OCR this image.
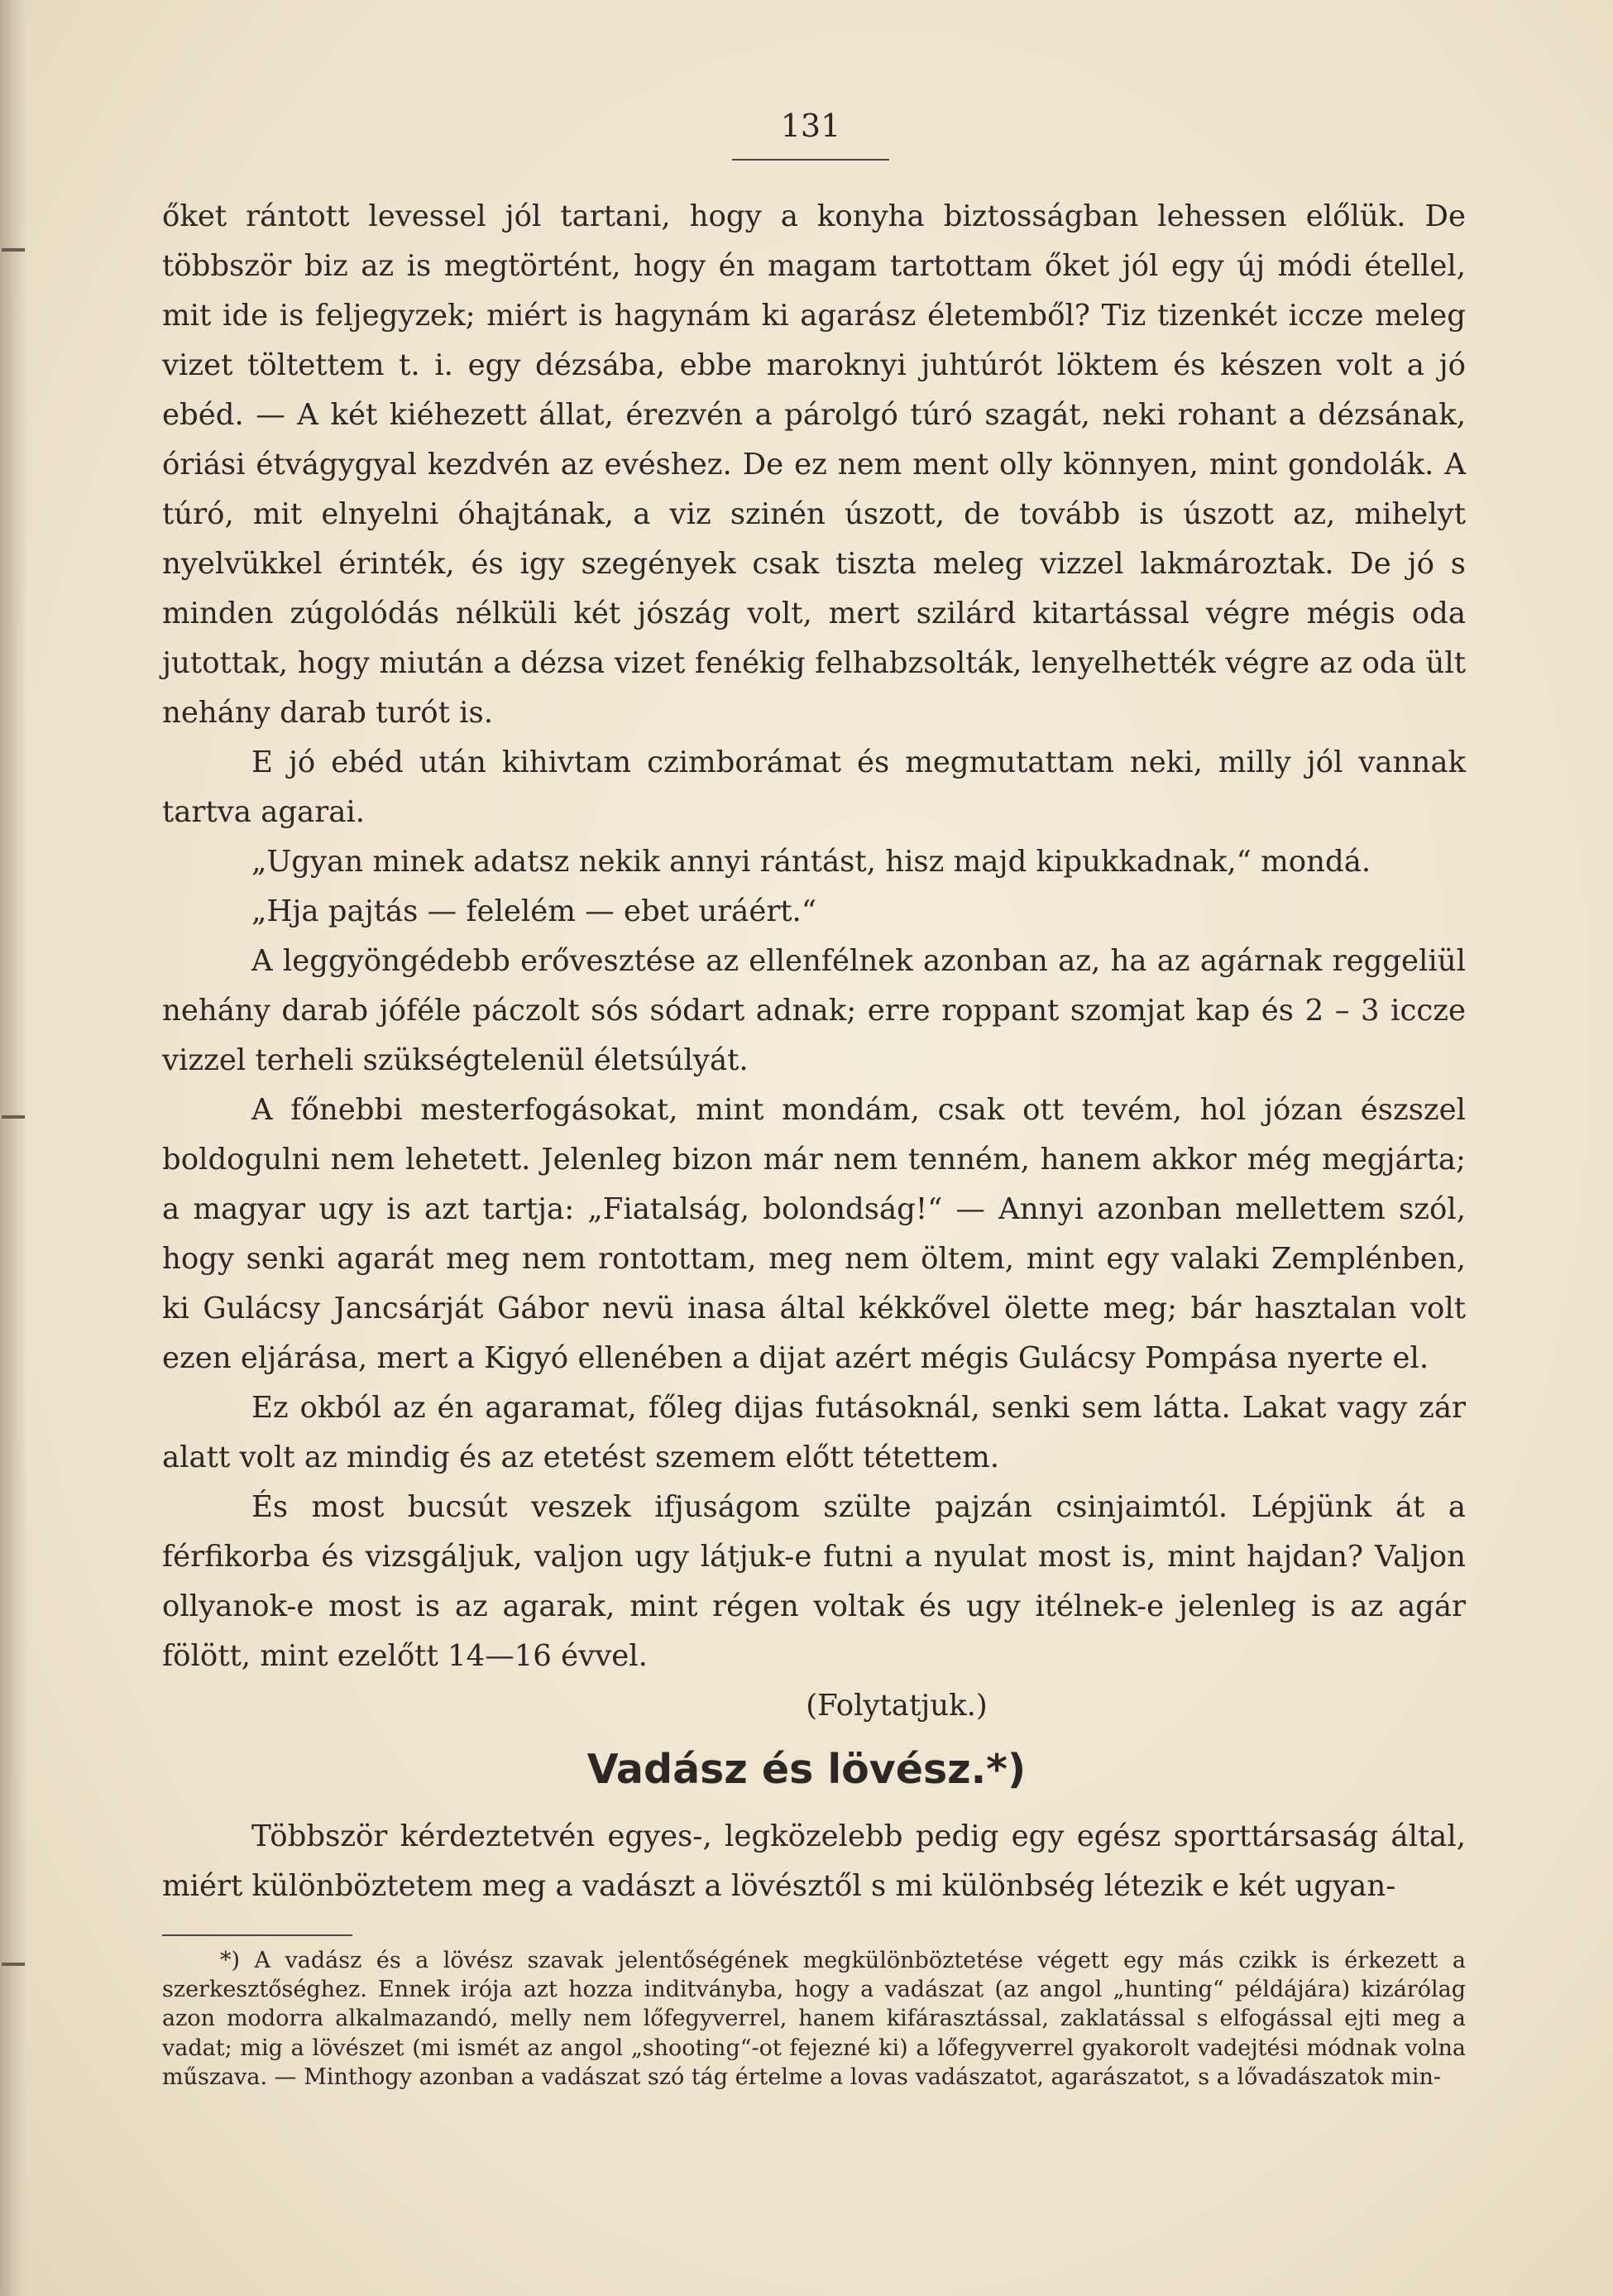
131

őket rántott levessel jól tartani, hogy a konyha biztosságban lehessen előlük. De többször biz az is megtörtént, hogy én magam tartottam őket jól egy új módi étellel, mit ide is feljegyzek; miért is hagynám ki agarász életemből? Tiz tizenkét iccze meleg vizet töltettem t. i. egy dézsába, ebbe maroknyi juhtúrót löktem és készen volt a jó ebéd. — A két kiéhezett állat, érezvén a párolgó túró szagát, neki rohant a dézsának, óriási étvágygyal kezdvén az evéshez. De ez nem ment olly könnyen, mint gondolák. A túró, mit elnyelni óhajtának, a viz szinén úszott, de tovább is úszott az, mihelyt nyelvükkel érinték, és igy szegények csak tiszta meleg vizzel lakmároztak. De jó s minden zúgolódás nélküli két jószág volt, mert szilárd kitartással végre mégis oda jutottak, hogy miután a dézsa vizet fenékig felhabzsolták, lenyelhették végre az oda ült nehány darab turót is.

E jó ebéd után kihivtam czimborámat és megmutattam neki, milly jól vannak tartva agarai.

„Ugyan minek adatsz nekik annyi rántást, hisz majd kipukkadnak,“ mondá.

„Hja pajtás — felelém — ebet uráért.“

A leggyöngédebb erővesztése az ellenfélnek azonban az, ha az agárnak reggeliül nehány darab jóféle páczolt sós sódart adnak; erre roppant szomjat kap és 2 – 3 iccze vizzel terheli szükségtelenül életsúlyát.

A főnebbi mesterfogásokat, mint mondám, csak ott tevém, hol józan észszel boldogulni nem lehetett. Jelenleg bizon már nem tenném, hanem akkor még megjárta; a magyar ugy is azt tartja: „Fiatalság, bolondság!“ — Annyi azonban mellettem szól, hogy senki agarát meg nem rontottam, meg nem öltem, mint egy valaki Zemplénben, ki Gulácsy Jancsárját Gábor nevü inasa által kékkővel ölette meg; bár hasztalan volt ezen eljárása, mert a Kigyó ellenében a dijat azért mégis Gulácsy Pompása nyerte el.

Ez okból az én agaramat, főleg dijas futásoknál, senki sem látta. Lakat vagy zár alatt volt az mindig és az etetést szemem előtt tétettem.

És most bucsút veszek ifjuságom szülte pajzán csinjaimtól. Lépjünk át a férfikorba és vizsgáljuk, valjon ugy látjuk-e futni a nyulat most is, mint hajdan? Valjon ollyanok-e most is az agarak, mint régen voltak és ugy itélnek-e jelenleg is az agár fölött, mint ezelőtt 14—16 évvel.

(Folytatjuk.)

Vadász és lövész.*)

Többször kérdeztetvén egyes-, legközelebb pedig egy egész sporttársaság által, miért különböztetem meg a vadászt a lövésztől s mi különbség létezik e két ugyan-

*) A vadász és a lövész szavak jelentőségének megkülönböztetése végett egy más czikk is érkezett a szerkesztőséghez. Ennek irója azt hozza inditványba, hogy a vadászat (az angol „hunting“ példájára) kizárólag azon modorra alkalmazandó, melly nem lőfegyverrel, hanem kifárasztással, zaklatással s elfogással ejti meg a vadat; mig a lövészet (mi ismét az angol „shooting“-ot fejezné ki) a lőfegyverrel gyakorolt vadejtési módnak volna műszava. — Minthogy azonban a vadászat szó tág értelme a lovas vadászatot, agarászatot, s a lővadászatok min-
